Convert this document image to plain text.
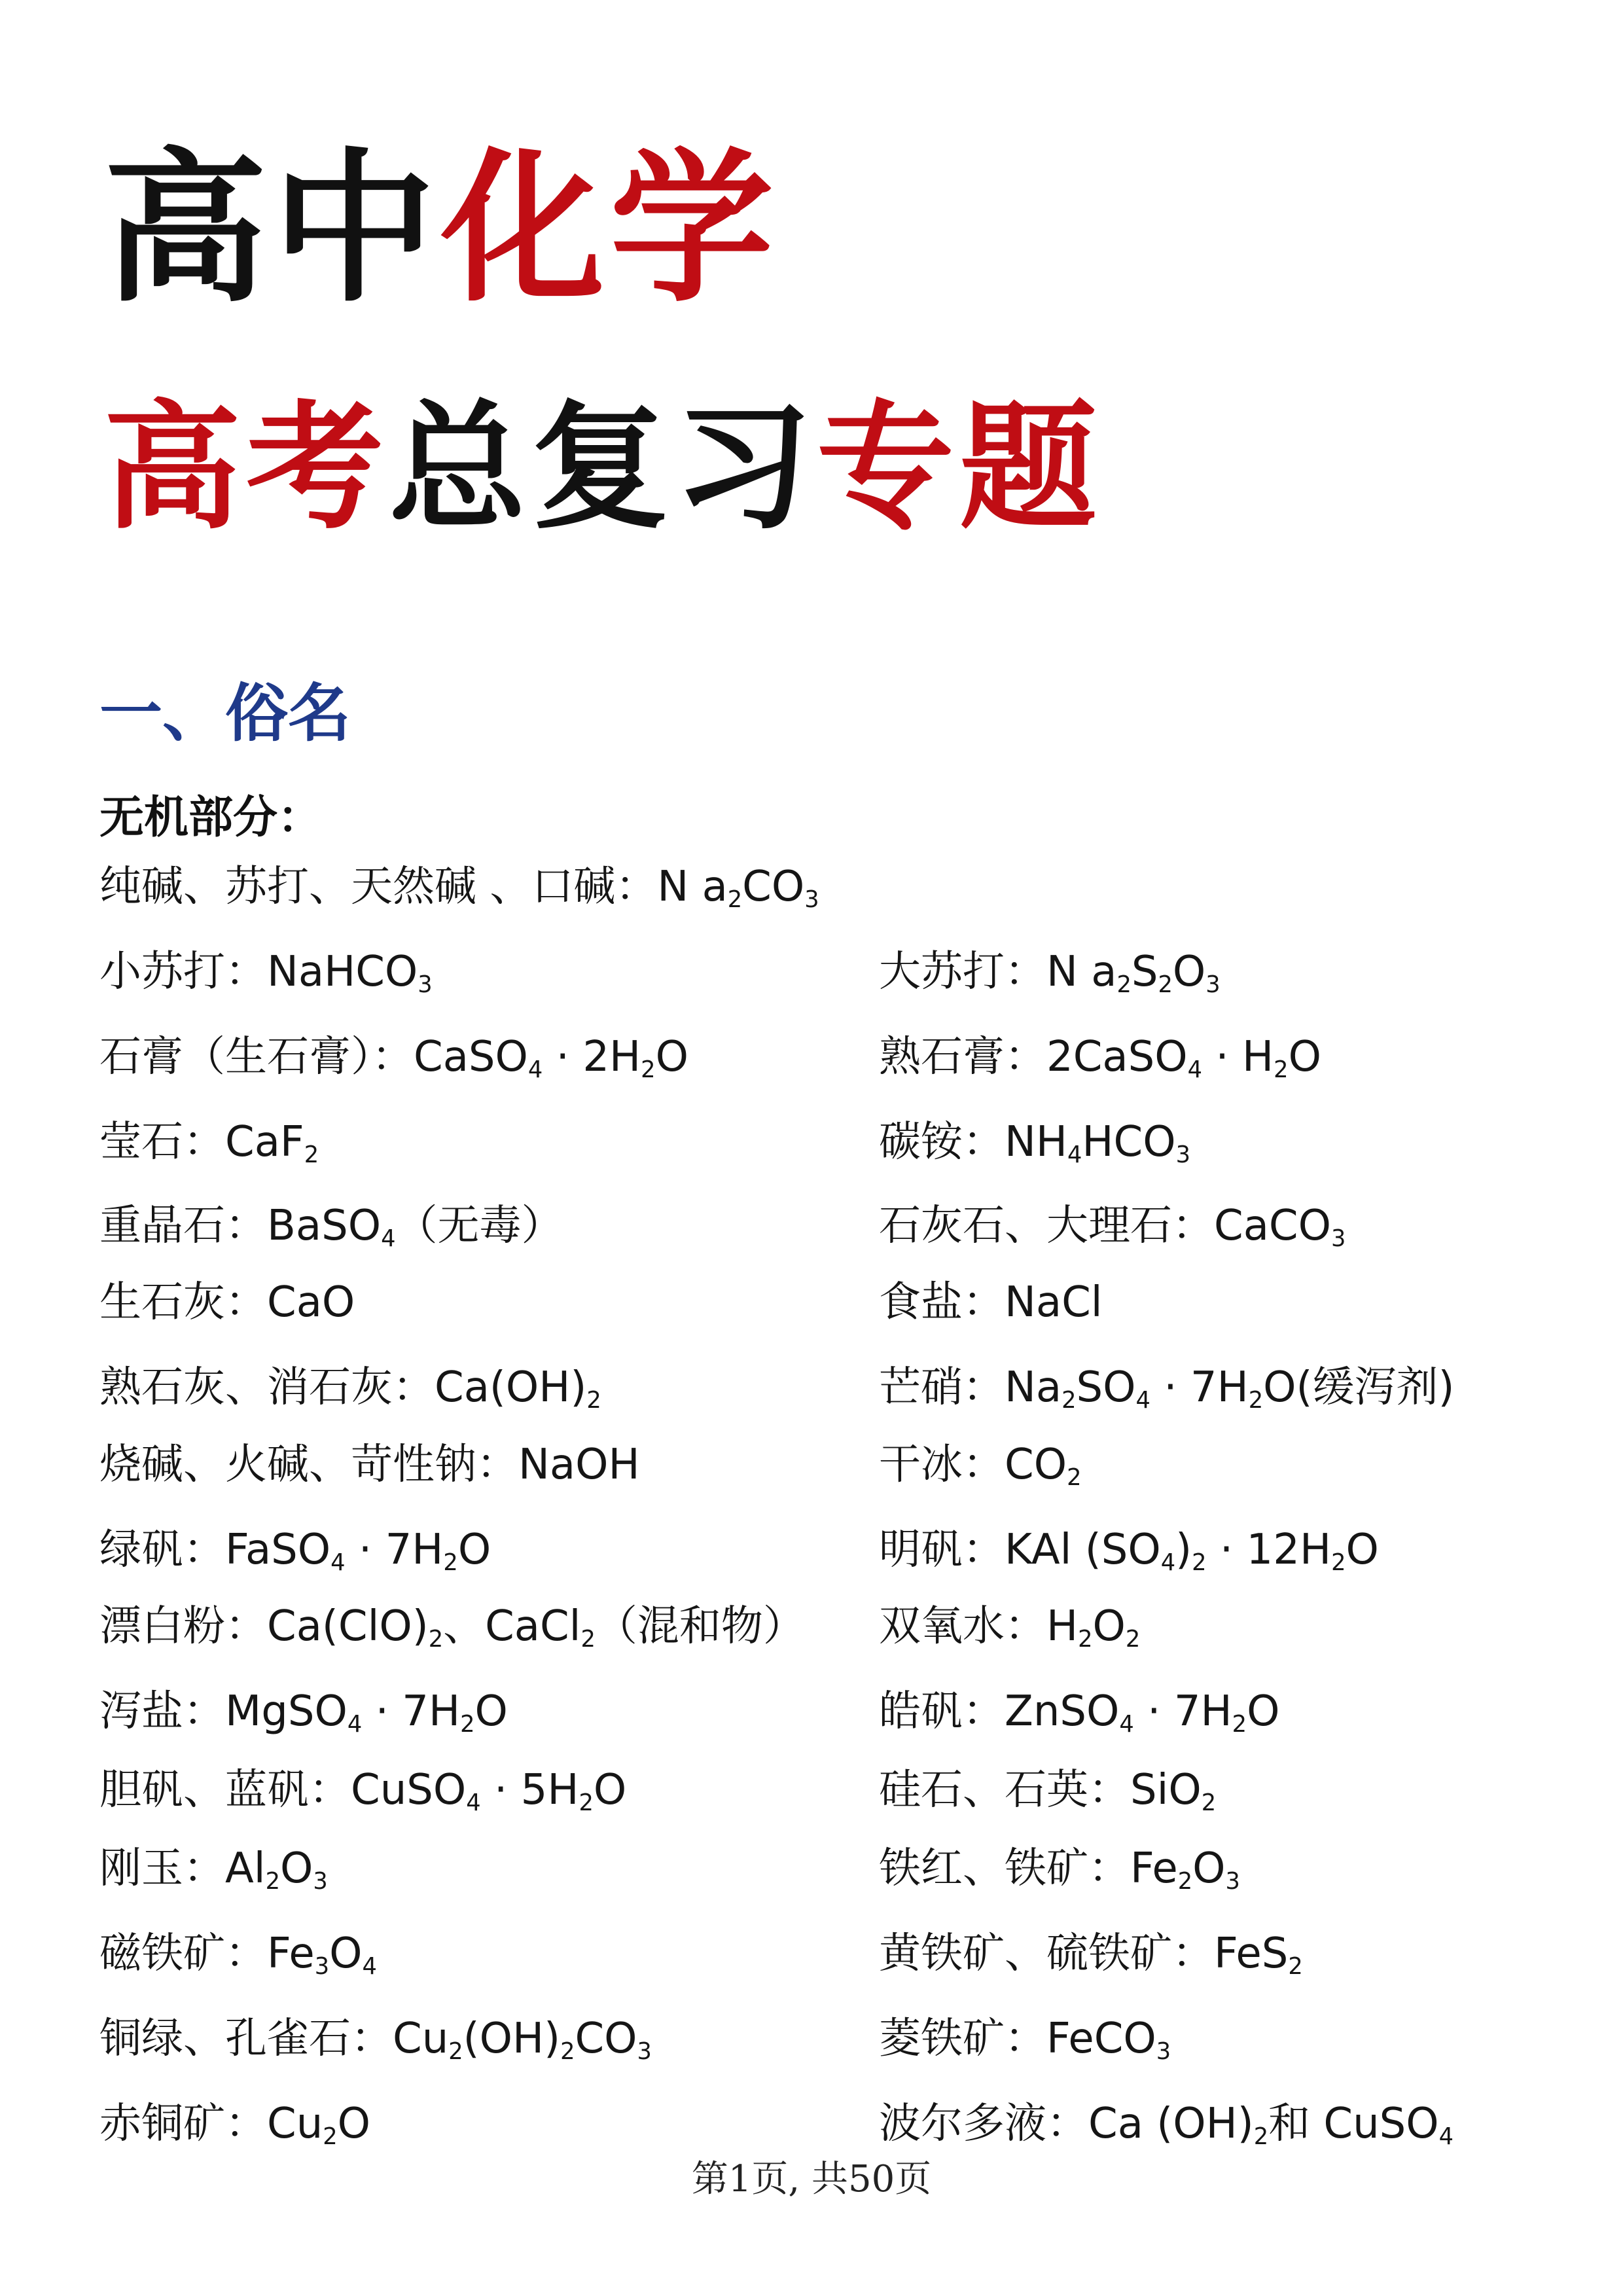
高中化学
高考总复习专题
一、俗名
无机部分：
纯碱、苏打、天然碱 、口碱：N $a_2CO_3$
小苏打：NaHCO$_3$	大苏打：N $a_2S_2O_3$
石膏（生石膏）：CaSO$_4$ · $2H_2O$	熟石膏：2CaSO$_4$ · $H_2O$
莹石：CaF$_2$	碳铵：$NH_4HCO_3$
重晶石：BaSO$_4$（无毒）	石灰石、大理石：CaCO$_3$
生石灰：CaO	食盐：NaCl
熟石灰、消石灰：$Ca(OH)_2$	芒硝：$Na_2SO_4 \cdot 7H_2O$(缓泻剂)
烧碱、火碱、苛性钠：NaOH	干冰：$CO_2$
绿矾：FaSO$_4$ · $7H_2O$	明矾：KAl $(SO_4)_2 \cdot 12H_2O$
漂白粉：$Ca(ClO)_2$、CaCl$_2$（混和物） 双氧水：$H_2O_2$
泻盐：MgSO$_4$ · $7H_2O$	皓矾：ZnSO$_4$ · $7H_2O$
胆矾、蓝矾：CuSO$_4$ · $5H_2O$	硅石、石英：SiO$_2$
刚玉：$Al_2O_3$	铁红、铁矿：$Fe_2O_3$
磁铁矿：$Fe_3O_4$	黄铁矿、硫铁矿：FeS$_2$
铜绿、孔雀石：$Cu_2(OH)_2CO_3$	菱铁矿：FeCO$_3$
赤铜矿：$Cu_2O$	波尔多液：Ca $(OH)_2$和 CuSO$_4$
第1页, 共50页
